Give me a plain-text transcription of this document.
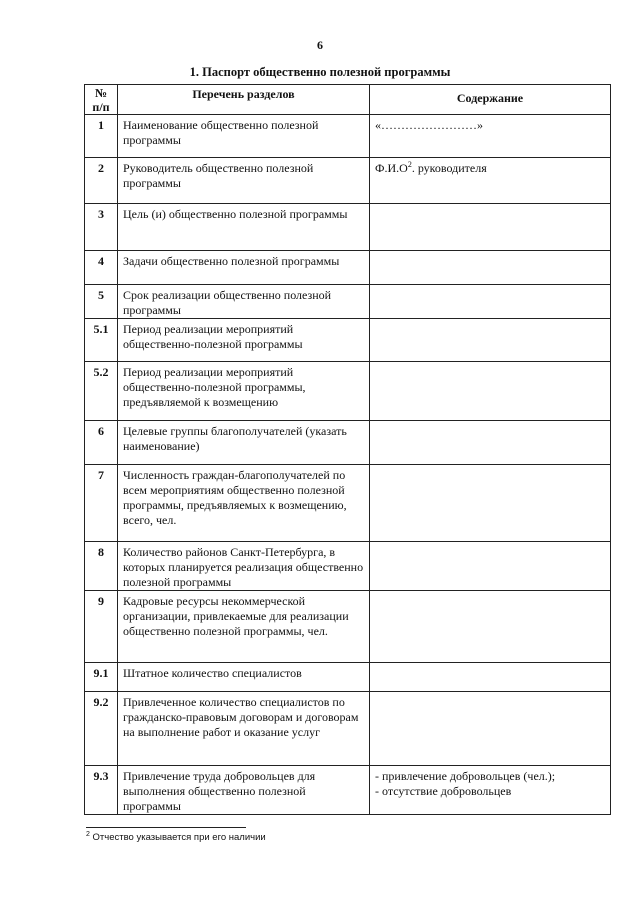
6
1. Паспорт общественно полезной программы
№
п/п	Перечень разделов	Содержание
1	Наименование общественно полезной программы	«……………………»
2	Руководитель общественно полезной программы	$Ф.И.О^2$. руководителя
3	Цель (и) общественно полезной программы	
4	Задачи общественно полезной программы	
5	Срок реализации общественно полезной программы	
5.1	Период реализации мероприятий общественно-полезной программы	
5.2	Период реализации мероприятий общественно-полезной программы, предъявляемой к возмещению	
6	Целевые группы благополучателей (указать наименование)	
7	Численность граждан-благополучателей по всем мероприятиям общественно полезной программы, предъявляемых к возмещению, всего, чел.	
8	Количество районов Санкт-Петербурга, в которых планируется реализация общественно полезной программы	
9	Кадровые ресурсы некоммерческой организации, привлекаемые для реализации общественно полезной программы, чел.	
9.1	Штатное количество специалистов	
9.2	Привлеченное количество специалистов по гражданско-правовым договорам и договорам на выполнение работ и оказание услуг	
9.3	Привлечение труда добровольцев для выполнения общественно полезной программы	- привлечение добровольцев (чел.);
- отсутствие добровольцев
$^2$ Отчество указывается при его наличии
